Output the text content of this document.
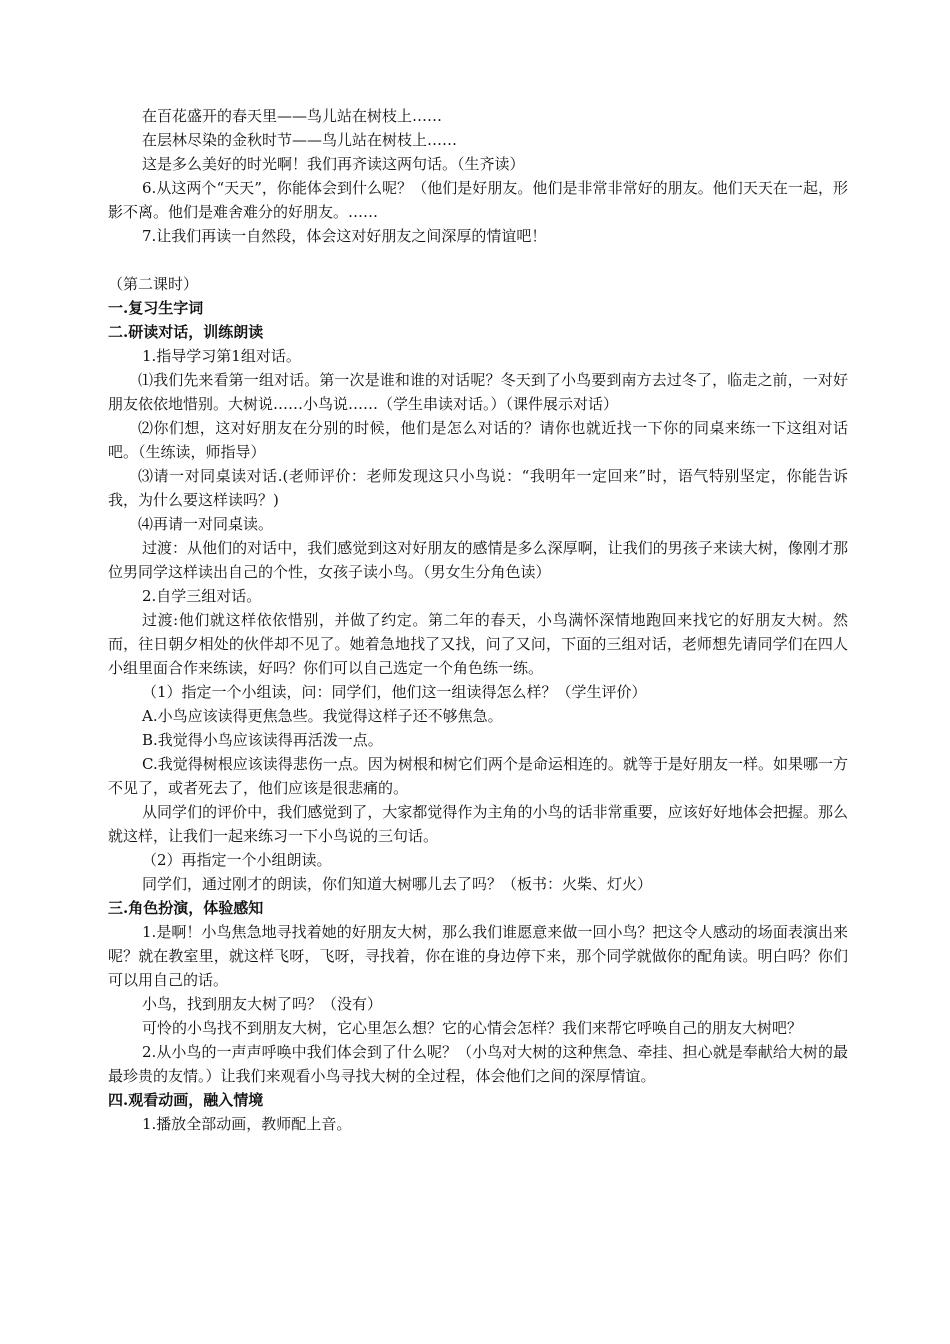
在百花盛开的春天里——鸟儿站在树枝上……
在层林尽染的金秋时节——鸟儿站在树枝上……
这是多么美好的时光啊！我们再齐读这两句话。（生齐读）
6.从这两个“天天”，你能体会到什么呢？（他们是好朋友。他们是非常非常好的朋友。他们天天在一起，形影不离。他们是难舍难分的好朋友。……
7.让我们再读一自然段，体会这对好朋友之间深厚的情谊吧！
（第二课时）
一.复习生字词
二.研读对话，训练朗读
1.指导学习第1组对话。
⑴我们先来看第一组对话。第一次是谁和谁的对话呢？冬天到了小鸟要到南方去过冬了，临走之前，一对好朋友依依地惜别。大树说……小鸟说……（学生串读对话。）（课件展示对话）
⑵你们想，这对好朋友在分别的时候，他们是怎么对话的？请你也就近找一下你的同桌来练一下这组对话吧。（生练读，师指导）
⑶请一对同桌读对话.(老师评价：老师发现这只小鸟说：“我明年一定回来”时，语气特别坚定，你能告诉我，为什么要这样读吗？)
⑷再请一对同桌读。
过渡：从他们的对话中，我们感觉到这对好朋友的感情是多么深厚啊，让我们的男孩子来读大树，像刚才那位男同学这样读出自己的个性，女孩子读小鸟。（男女生分角色读）
2.自学三组对话。
过渡:他们就这样依依惜别，并做了约定。第二年的春天，小鸟满怀深情地跑回来找它的好朋友大树。然而，往日朝夕相处的伙伴却不见了。她着急地找了又找，问了又问，下面的三组对话，老师想先请同学们在四人小组里面合作来练读，好吗？你们可以自己选定一个角色练一练。
（1）指定一个小组读，问：同学们，他们这一组读得怎么样？（学生评价）
A.小鸟应该读得更焦急些。我觉得这样子还不够焦急。
B.我觉得小鸟应该读得再活泼一点。
C.我觉得树根应该读得悲伤一点。因为树根和树它们两个是命运相连的。就等于是好朋友一样。如果哪一方不见了，或者死去了，他们应该是很悲痛的。
从同学们的评价中，我们感觉到了，大家都觉得作为主角的小鸟的话非常重要，应该好好地体会把握。那么就这样，让我们一起来练习一下小鸟说的三句话。
（2）再指定一个小组朗读。
同学们，通过刚才的朗读，你们知道大树哪儿去了吗？（板书：火柴、灯火）
三.角色扮演，体验感知
1.是啊！小鸟焦急地寻找着她的好朋友大树，那么我们谁愿意来做一回小鸟？把这令人感动的场面表演出来呢？就在教室里，就这样飞呀，飞呀，寻找着，你在谁的身边停下来，那个同学就做你的配角读。明白吗？你们可以用自己的话。
小鸟，找到朋友大树了吗？（没有）
可怜的小鸟找不到朋友大树，它心里怎么想？它的心情会怎样？我们来帮它呼唤自己的朋友大树吧？
2.从小鸟的一声声呼唤中我们体会到了什么呢？（小鸟对大树的这种焦急、牵挂、担心就是奉献给大树的最最珍贵的友情。）让我们来观看小鸟寻找大树的全过程，体会他们之间的深厚情谊。
四.观看动画，融入情境
1.播放全部动画，教师配上音。
